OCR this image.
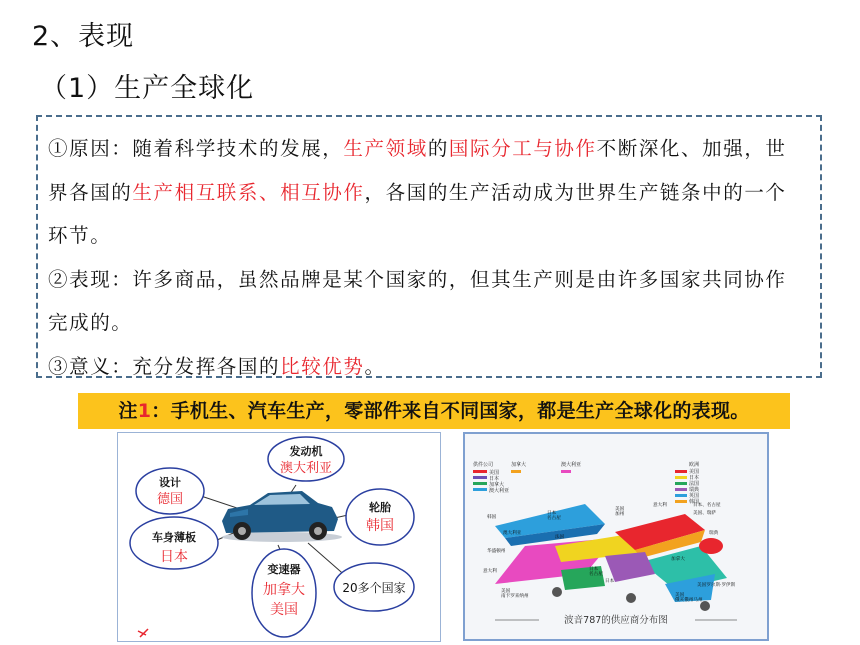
2、表现
（1）生产全球化

①原因：随着科学技术的发展，生产领域的国际分工与协作不断深化、加强，世界各国的生产相互联系、相互协作，各国的生产活动成为世界生产链条中的一个环节。

②表现：许多商品，虽然品牌是某个国家的，但其生产则是由许多国家共同协作完成的。

③意义：充分发挥各国的比较优势。

注1：手机生、汽车生产，零部件来自不同国家，都是生产全球化的表现。
设计
德国
发动机
澳大利亚
轮胎
韩国
车身薄板
日本
变速器
加拿大
美国
20多个国家
供件公司
美国
日本
加拿大
澳大利亚
加拿大	澳大利亚	欧洲
美国
日本
法国
瑞典
英国
韩国
日本名古屋
美国加州
意大利	日本、名古屋
美国、瑞萨
韩国
澳大利亚
法国
华盛顿州
意大利	日本名古屋
加拿大
瑞典
美国南卡罗来纳州
日本
美国罗尔斯·罗伊斯
美国俄亥俄州马州
波音787的供应商分布图
